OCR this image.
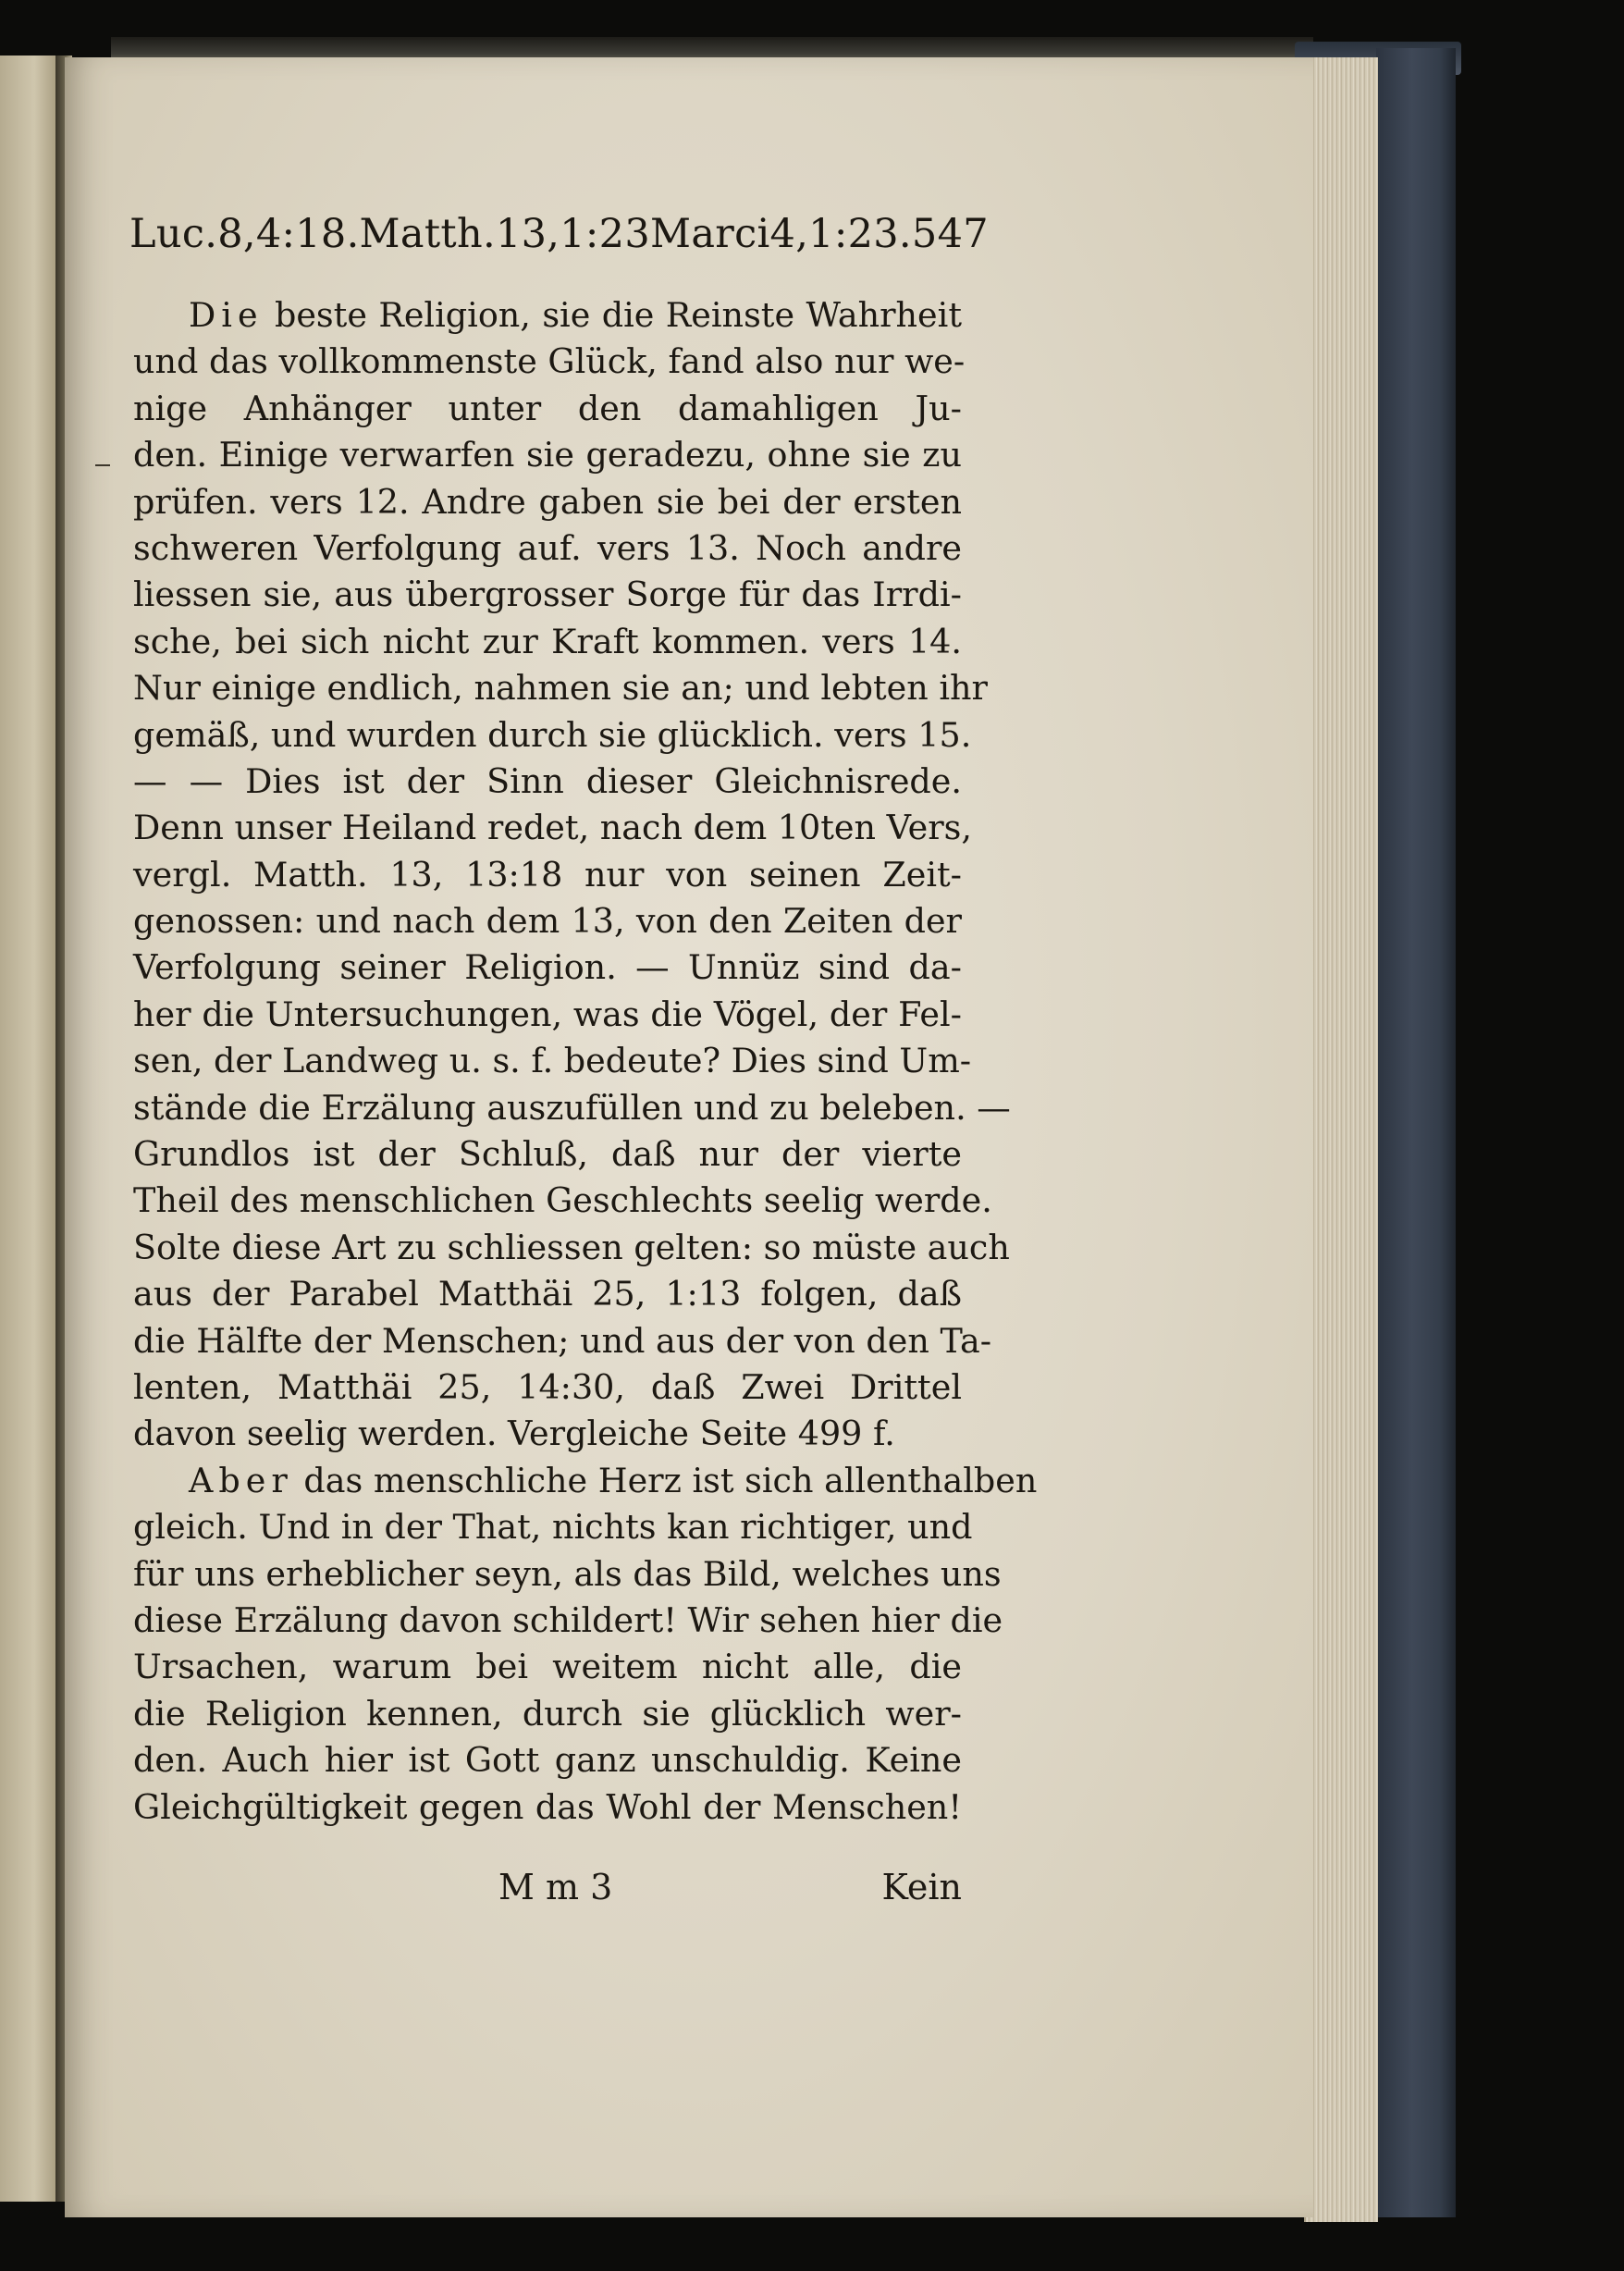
Luc.8,4:18.Matth.13,1:23Marci4,1:23. 547
Die beste Religion, sie die Reinste Wahrheit
und das vollkommenste Glück, fand also nur we-
nige Anhänger unter den damahligen Ju-
den. Einige verwarfen sie geradezu, ohne sie zu
prüfen. vers 12. Andre gaben sie bei der ersten
schweren Verfolgung auf. vers 13. Noch andre
liessen sie, aus übergrosser Sorge für das Irrdi-
sche, bei sich nicht zur Kraft kommen. vers 14.
Nur einige endlich, nahmen sie an; und lebten ihr
gemäß, und wurden durch sie glücklich. vers 15.
— — Dies ist der Sinn dieser Gleichnisrede.
Denn unser Heiland redet, nach dem 10ten Vers,
vergl. Matth. 13, 13:18 nur von seinen Zeit-
genossen: und nach dem 13, von den Zeiten der
Verfolgung seiner Religion. — Unnüz sind da-
her die Untersuchungen, was die Vögel, der Fel-
sen, der Landweg u. s. f. bedeute? Dies sind Um-
stände die Erzälung auszufüllen und zu beleben. —
Grundlos ist der Schluß, daß nur der vierte
Theil des menschlichen Geschlechts seelig werde.
Solte diese Art zu schliessen gelten: so müste auch
aus der Parabel Matthäi 25, 1:13 folgen, daß
die Hälfte der Menschen; und aus der von den Ta-
lenten, Matthäi 25, 14:30, daß Zwei Drittel
davon seelig werden. Vergleiche Seite 499 f.
Aber das menschliche Herz ist sich allenthalben
gleich. Und in der That, nichts kan richtiger, und
für uns erheblicher seyn, als das Bild, welches uns
diese Erzälung davon schildert! Wir sehen hier die
Ursachen, warum bei weitem nicht alle, die
die Religion kennen, durch sie glücklich wer-
den. Auch hier ist Gott ganz unschuldig. Keine
Gleichgültigkeit gegen das Wohl der Menschen!
M m 3	Kein
